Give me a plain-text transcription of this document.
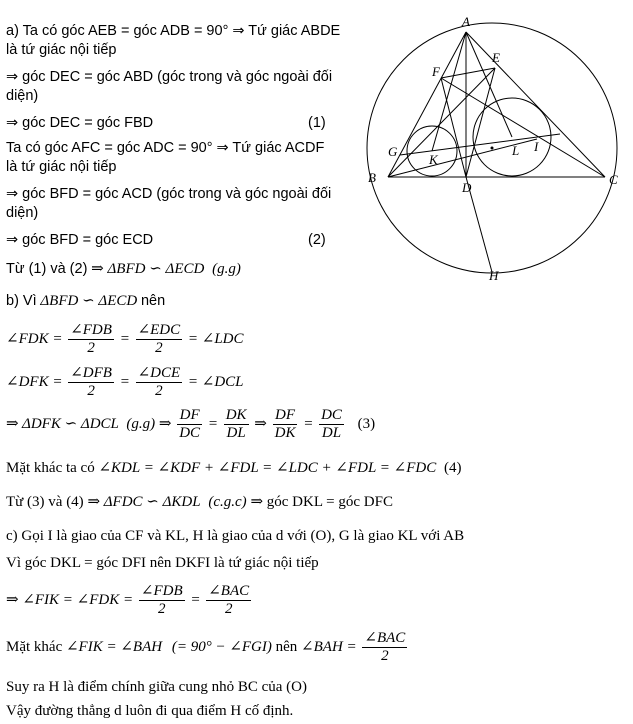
A
B	C
D
E
F
G
H
I
K
L
a) Ta có góc AEB = góc ADB = 90° ⇒ Tứ giác ABDE
là tứ giác nội tiếp
⇒ góc DEC = góc ABD (góc trong và góc ngoài đối
diện)
⇒ góc DEC = góc FBD	(1)
Ta có góc AFC = góc ADC = 90° ⇒ Tứ giác ACDF
là tứ giác nội tiếp
⇒ góc BFD = góc ACD (góc trong và góc ngoài đối
diện)
⇒ góc BFD = góc ECD	(2)
Từ (1) và (2) ⇒ ΔBFD ∽ ΔECD (g.g)
b) Vì ΔBFD ∽ ΔECD nên
∠FDK = $\frac{\text{∠FDB}}{2} = \frac{\text{∠EDC}}{2}$ = ∠LDC
∠DFK = $\frac{\text{∠DFB}}{2} = \frac{\text{∠DCE}}{2}$ = ∠DCL
⇒ ΔDFK ∽ ΔDCL (g.g) ⇒ $\frac{DF}{DC} = \frac{DK}{DL}$ ⇒ $\frac{DF}{DK} = \frac{DC}{DL} (3)$
Mặt khác ta có ∠KDL = ∠KDF + ∠FDL = ∠LDC + ∠FDL = ∠FDC (4)
Từ (3) và (4) ⇒ ΔFDC ∽ ΔKDL (c.g.c) ⇒ góc DKL = góc DFC
c) Gọi I là giao của CF và KL, H là giao của d với (O), G là giao KL với AB
Vì góc DKL = góc DFI nên DKFI là tứ giác nội tiếp
⇒ ∠FIK = ∠FDK = $\frac{\text{∠FDB}}{2} = \frac{\text{∠BAC}}{2}$
Mặt khác ∠FIK = ∠BAH (= 90° − ∠FGI) nên ∠BAH = $\frac{\text{∠BAC}}{2}$
Suy ra H là điểm chính giữa cung nhỏ BC của (O)
Vậy đường thẳng d luôn đi qua điểm H cố định.
